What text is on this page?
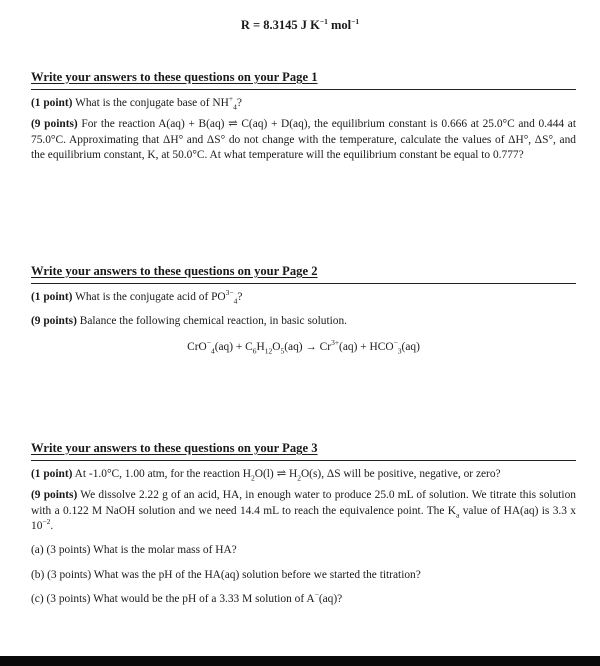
R = 8.3145 J $K^{-1}$ mol$^{-1}$

Write your answers to these questions on your Page 1

(1 point) What is the conjugate base of $NH^+_4$?

(9 points) For the reaction A(aq) + B(aq) ⇌ C(aq) + D(aq), the equilibrium constant is 0.666 at 25.0°C and 0.444 at 75.0°C. Approximating that ΔH° and ΔS° do not change with the temperature, calculate the values of ΔH°, ΔS°, and the equilibrium constant, K, at 50.0°C. At what temperature will the equilibrium constant be equal to 0.777?

Write your answers to these questions on your Page 2

(1 point) What is the conjugate acid of $PO^{3-}_4$?

(9 points) Balance the following chemical reaction, in basic solution.

$CrO^-_4(aq) + C_6H_{12}O_5(aq) \to Cr^{3+}(aq) + HCO^-_3(aq)$

Write your answers to these questions on your Page 3

(1 point) At -1.0°C, 1.00 atm, for the reaction $H_2O(l)$ ⇌ $H_2O(s)$, ΔS will be positive, negative, or zero?

(9 points) We dissolve 2.22 g of an acid, HA, in enough water to produce 25.0 mL of solution. We titrate this solution with a 0.122 M NaOH solution and we need 14.4 mL to reach the equivalence point. The $K_a$ value of HA(aq) is 3.3 x $10^{-2}$.

(a) (3 points) What is the molar mass of HA?

(b) (3 points) What was the pH of the HA(aq) solution before we started the titration?

(c) (3 points) What would be the pH of a 3.33 M solution of A−(aq)?
